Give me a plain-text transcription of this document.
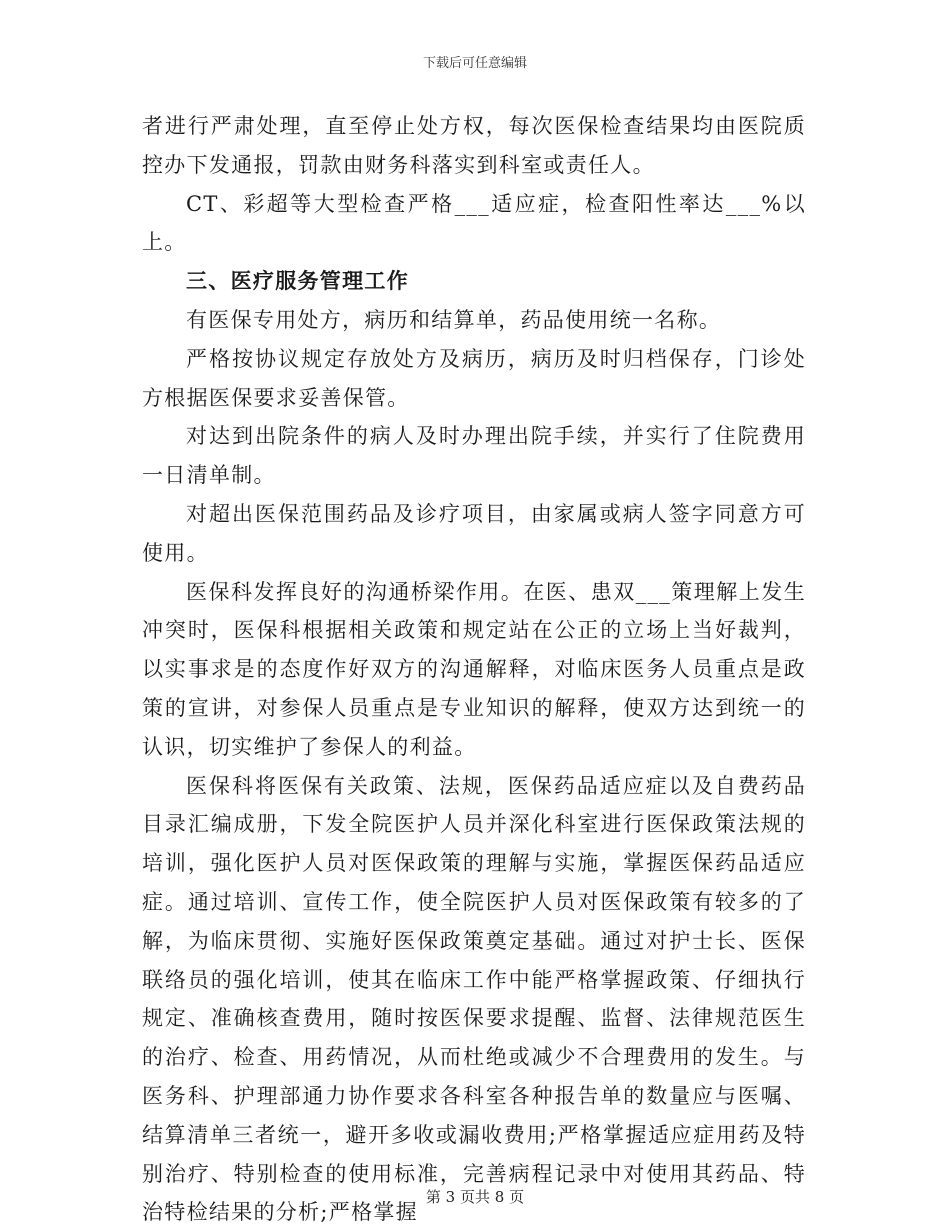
下载后可任意编辑

者进行严肃处理，直至停止处方权，每次医保检查结果均由医院质控办下发通报，罚款由财务科落实到科室或责任人。

CT、彩超等大型检查严格___适应症，检查阳性率达___%以上。

三、医疗服务管理工作

有医保专用处方，病历和结算单，药品使用统一名称。

严格按协议规定存放处方及病历，病历及时归档保存，门诊处方根据医保要求妥善保管。

对达到出院条件的病人及时办理出院手续，并实行了住院费用一日清单制。

对超出医保范围药品及诊疗项目，由家属或病人签字同意方可使用。

医保科发挥良好的沟通桥梁作用。在医、患双___策理解上发生冲突时，医保科根据相关政策和规定站在公正的立场上当好裁判，以实事求是的态度作好双方的沟通解释，对临床医务人员重点是政策的宣讲，对参保人员重点是专业知识的解释，使双方达到统一的认识，切实维护了参保人的利益。

医保科将医保有关政策、法规，医保药品适应症以及自费药品目录汇编成册，下发全院医护人员并深化科室进行医保政策法规的培训，强化医护人员对医保政策的理解与实施，掌握医保药品适应症。通过培训、宣传工作，使全院医护人员对医保政策有较多的了解，为临床贯彻、实施好医保政策奠定基础。通过对护士长、医保联络员的强化培训，使其在临床工作中能严格掌握政策、仔细执行规定、准确核查费用，随时按医保要求提醒、监督、法律规范医生的治疗、检查、用药情况，从而杜绝或减少不合理费用的发生。与医务科、护理部通力协作要求各科室各种报告单的数量应与医嘱、结算清单三者统一，避开多收或漏收费用;严格掌握适应症用药及特别治疗、特别检查的使用标准，完善病程记录中对使用其药品、特治特检结果的分析;严格掌握

第 3 页共 8 页
